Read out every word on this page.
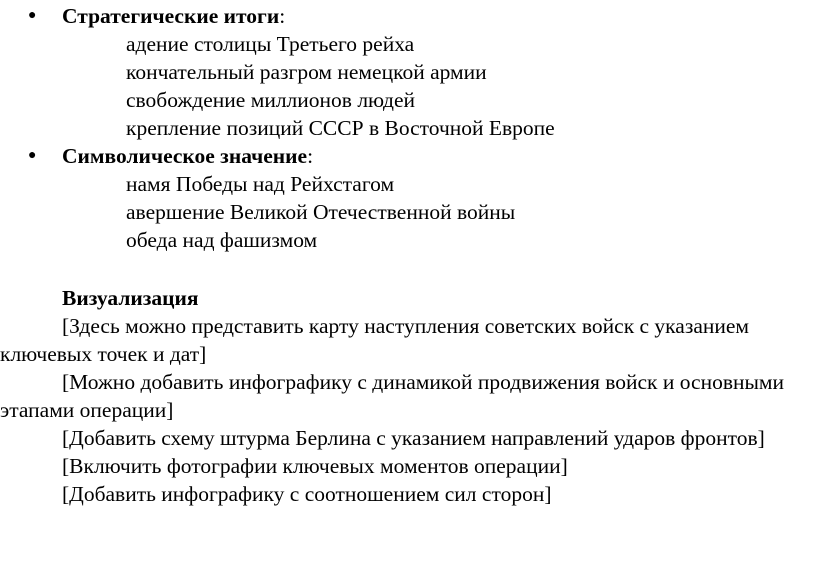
● Стратегические итоги:
адение столицы Третьего рейха
кончательный разгром немецкой армии
свобождение миллионов людей
крепление позиций СССР в Восточной Европе
● Символическое значение:
намя Победы над Рейхстагом
авершение Великой Отечественной войны
обеда над фашизмом
Визуализация

[Здесь можно представить карту наступления советских войск с указанием ключевых точек и дат]

[Можно добавить инфографику с динамикой продвижения войск и основными этапами операции]

[Добавить схему штурма Берлина с указанием направлений ударов фронтов]

[Включить фотографии ключевых моментов операции]

[Добавить инфографику с соотношением сил сторон]
